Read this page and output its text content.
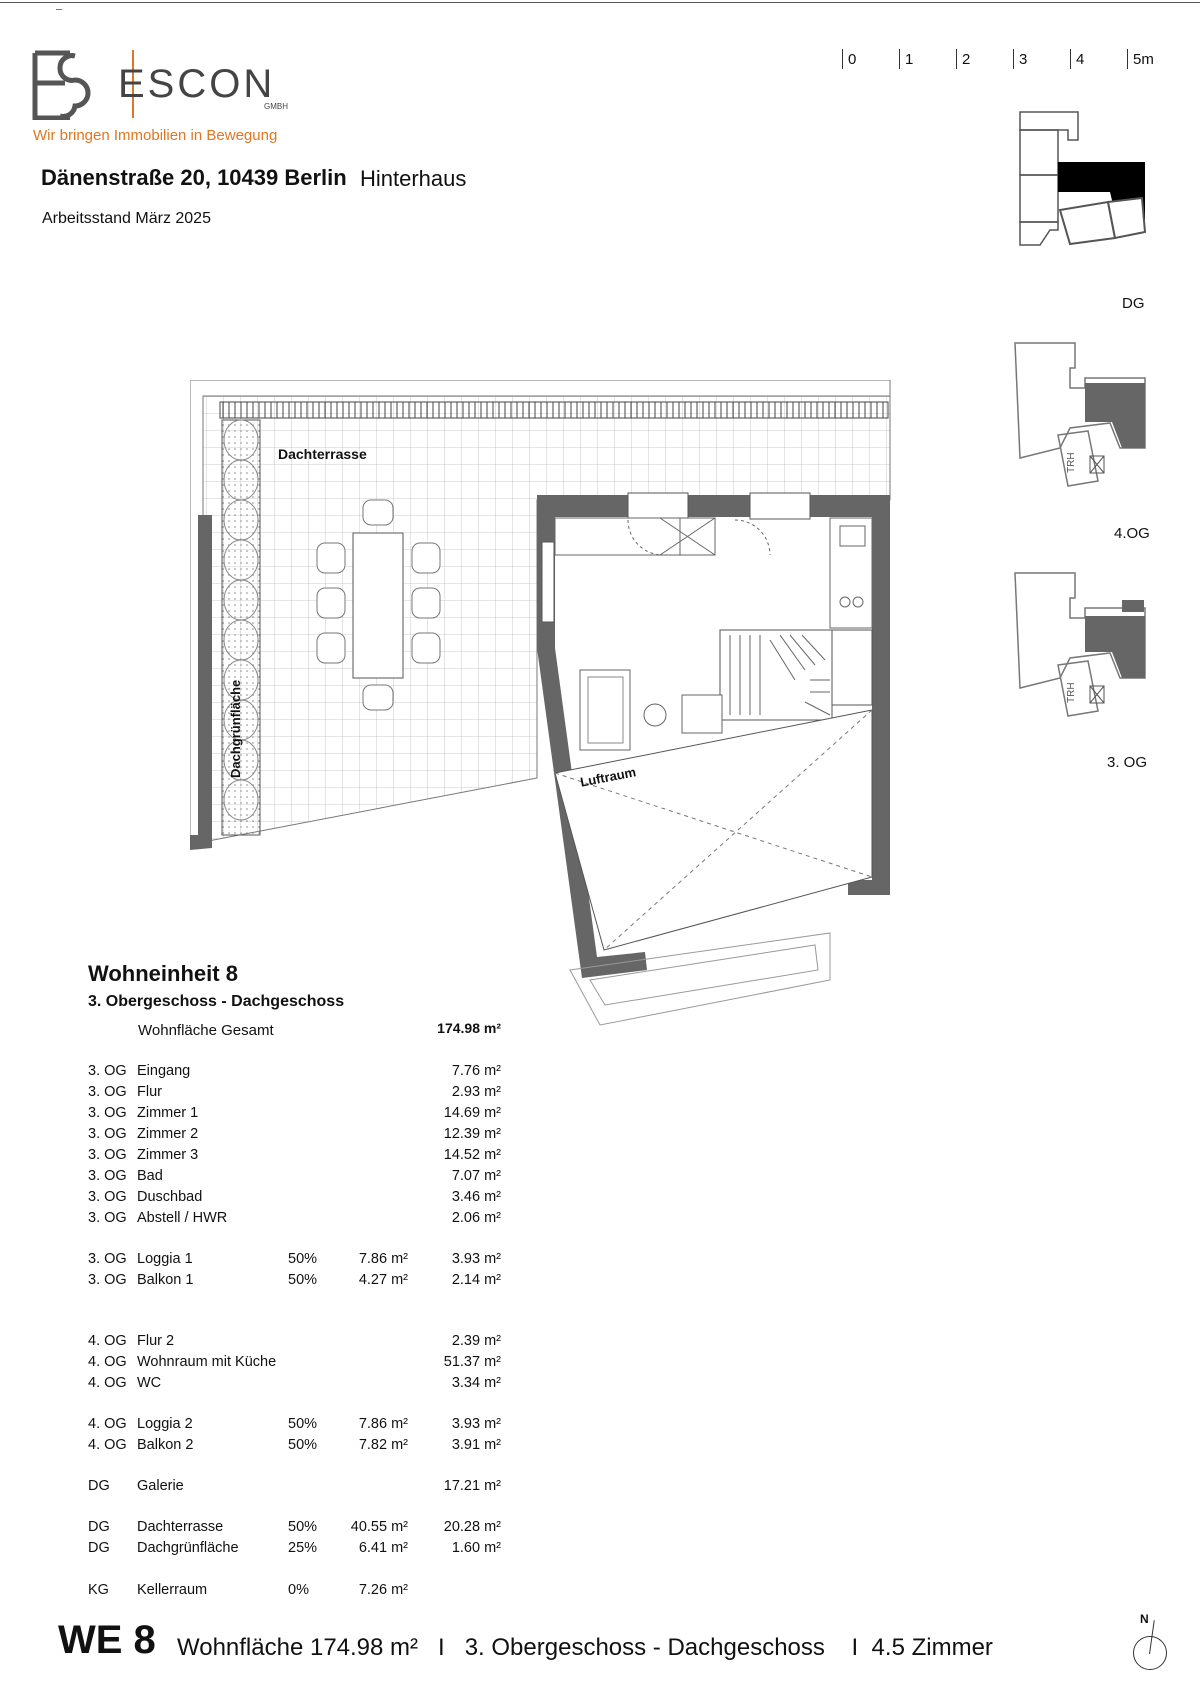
ESCON
GMBH
Wir bringen Immobilien in Bewegung
Dänenstraße 20, 10439 Berlin Hinterhaus
Arbeitsstand März 2025
0	1	2	3	4	5m
DG
TRH
4.OG
TRH
3. OG
Dachterrasse
Dachgrünfläche	Luftraum
Wohneinheit 8
3. Obergeschoss - Dachgeschoss
Wohnfläche Gesamt	174.98 m²
3. OG Eingang	7.76 m²
3. OG Flur	2.93 m²
3. OG Zimmer 1	14.69 m²
3. OG Zimmer 2	12.39 m²
3. OG Zimmer 3	14.52 m²
3. OG Bad	7.07 m²
3. OG Duschbad	3.46 m²
3. OG Abstell / HWR	2.06 m²
3. OG Loggia 1	50%	7.86 m²	3.93 m²
3. OG Balkon 1	50%	4.27 m²	2.14 m²
4. OG Flur 2	2.39 m²
4. OG Wohnraum mit Küche	51.37 m²
4. OG WC	3.34 m²
4. OG Loggia 2	50%	7.86 m²	3.93 m²
4. OG Balkon 2	50%	7.82 m²	3.91 m²
DG Galerie	17.21 m²
DG Dachterrasse	50%	40.55 m²	20.28 m²
DG Dachgrünfläche	25%	6.41 m²	1.60 m²
KG Kellerraum	0%	7.26 m²
WE 8 Wohnfläche 174.98 m²   I   3. Obergeschoss - Dachgeschoss    I  4.5 Zimmer
N
